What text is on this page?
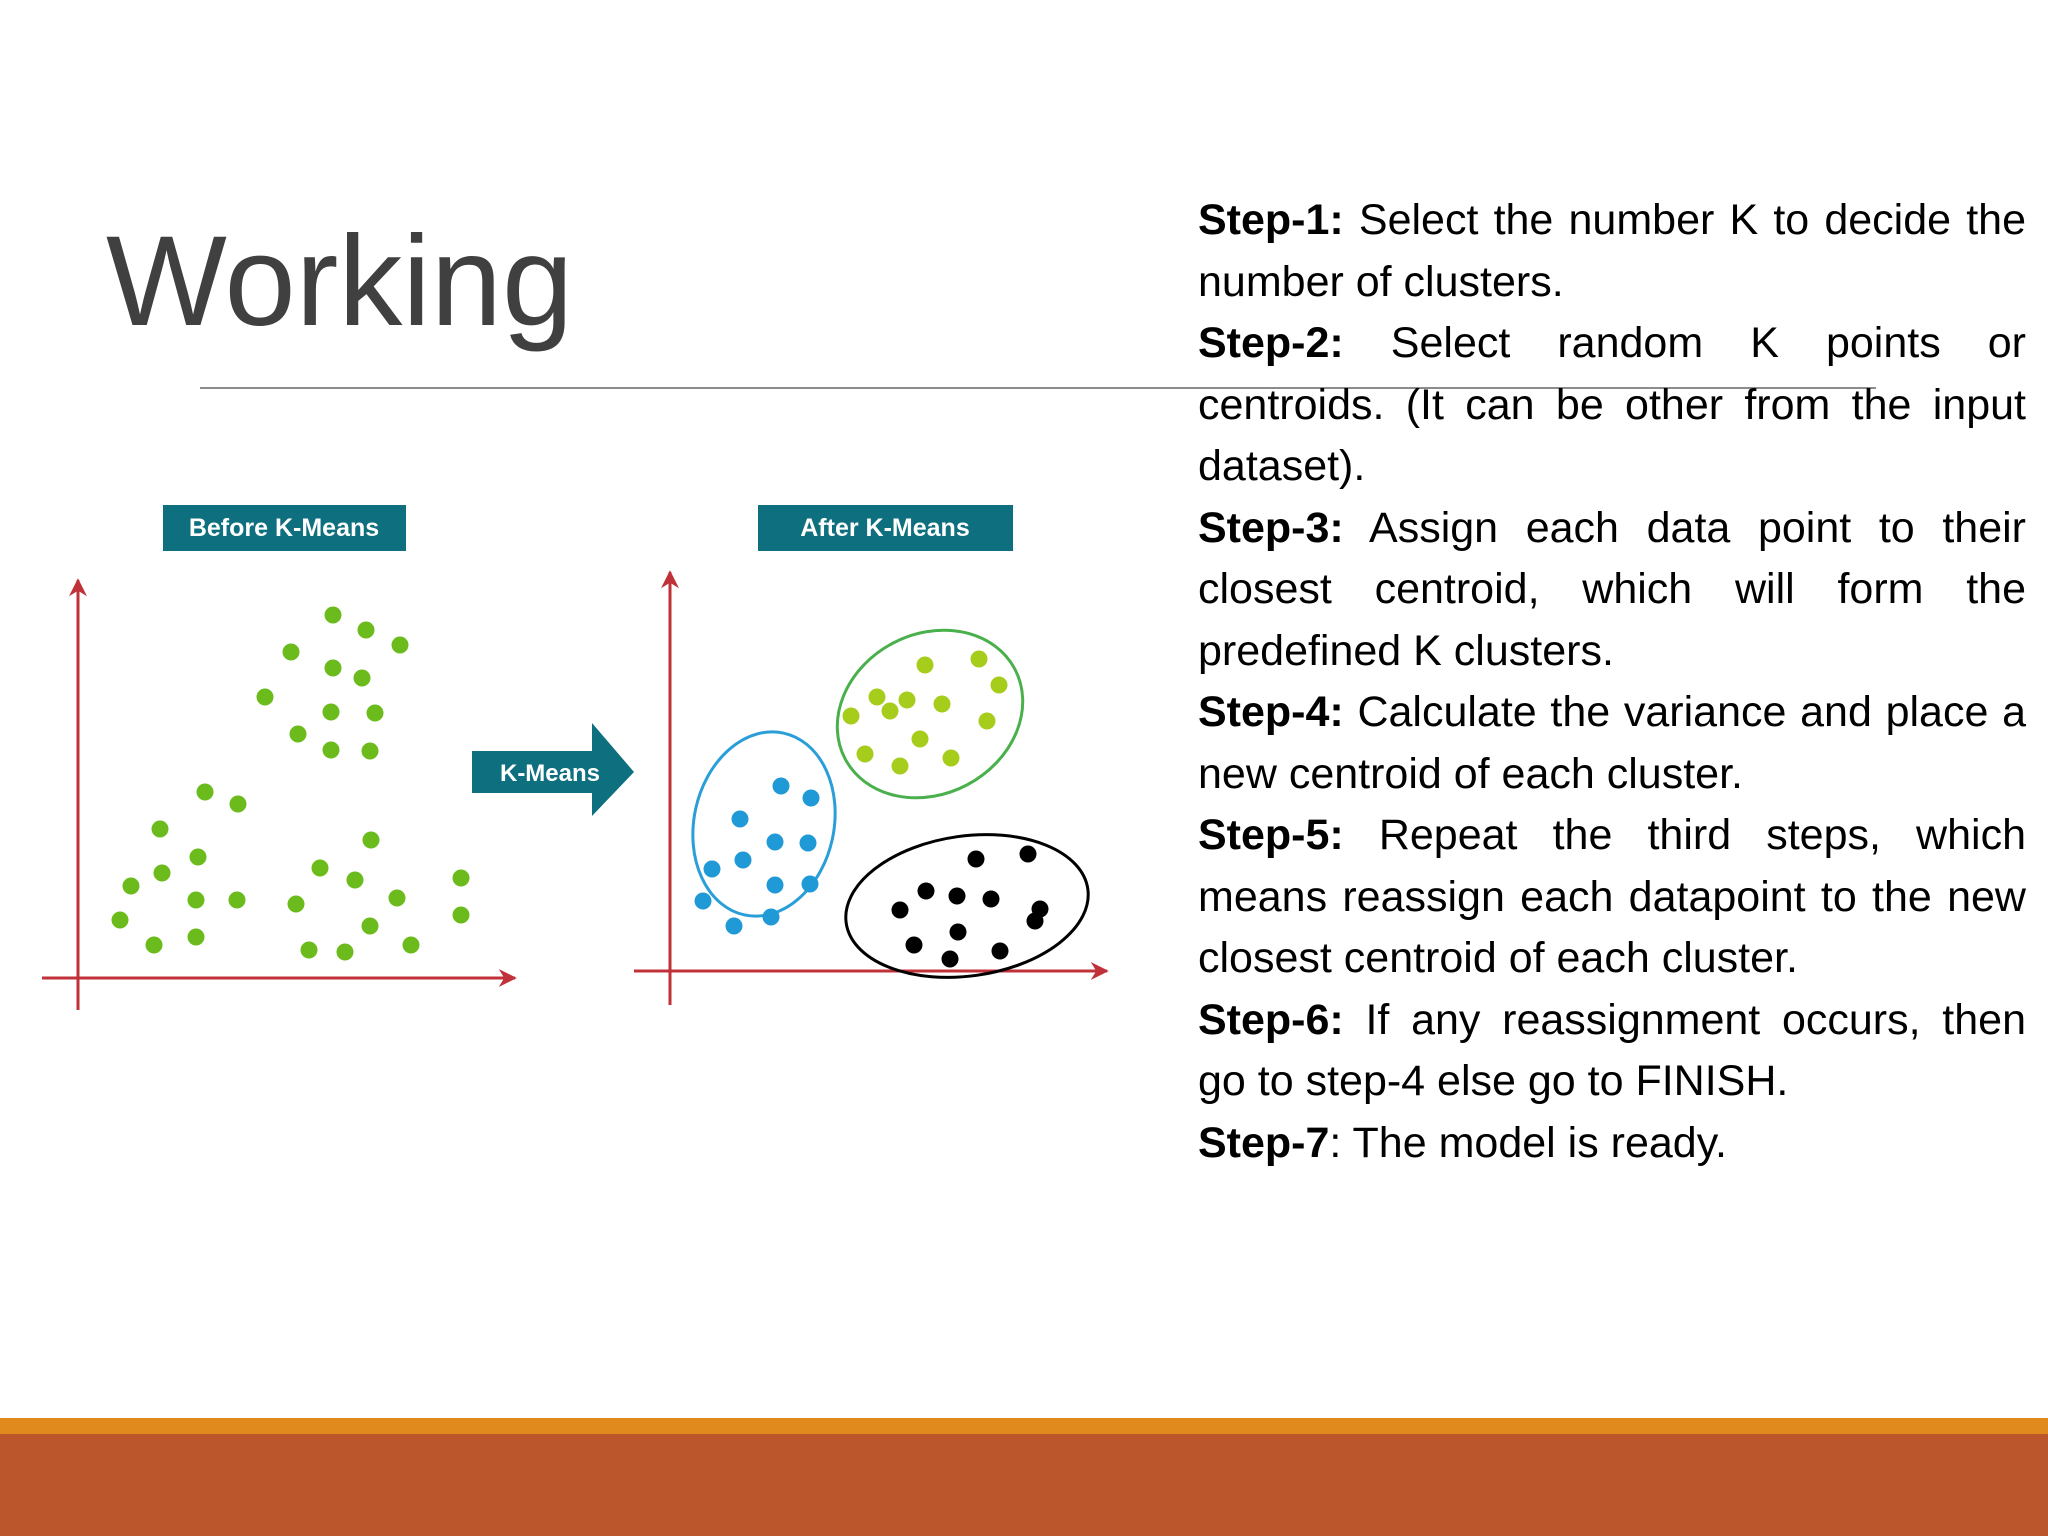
Working
Before K-Means	After K-Means
K-Means

Step-1: Select the number K to decide the number of clusters.

Step-2: Select random K points or centroids. (It can be other from the input dataset).

Step-3: Assign each data point to their closest centroid, which will form the predefined K clusters.

Step-4: Calculate the variance and place a new centroid of each cluster.

Step-5: Repeat the third steps, which means reassign each datapoint to the new closest centroid of each cluster.

Step-6: If any reassignment occurs, then go to step-4 else go to FINISH.

Step-7: The model is ready.
